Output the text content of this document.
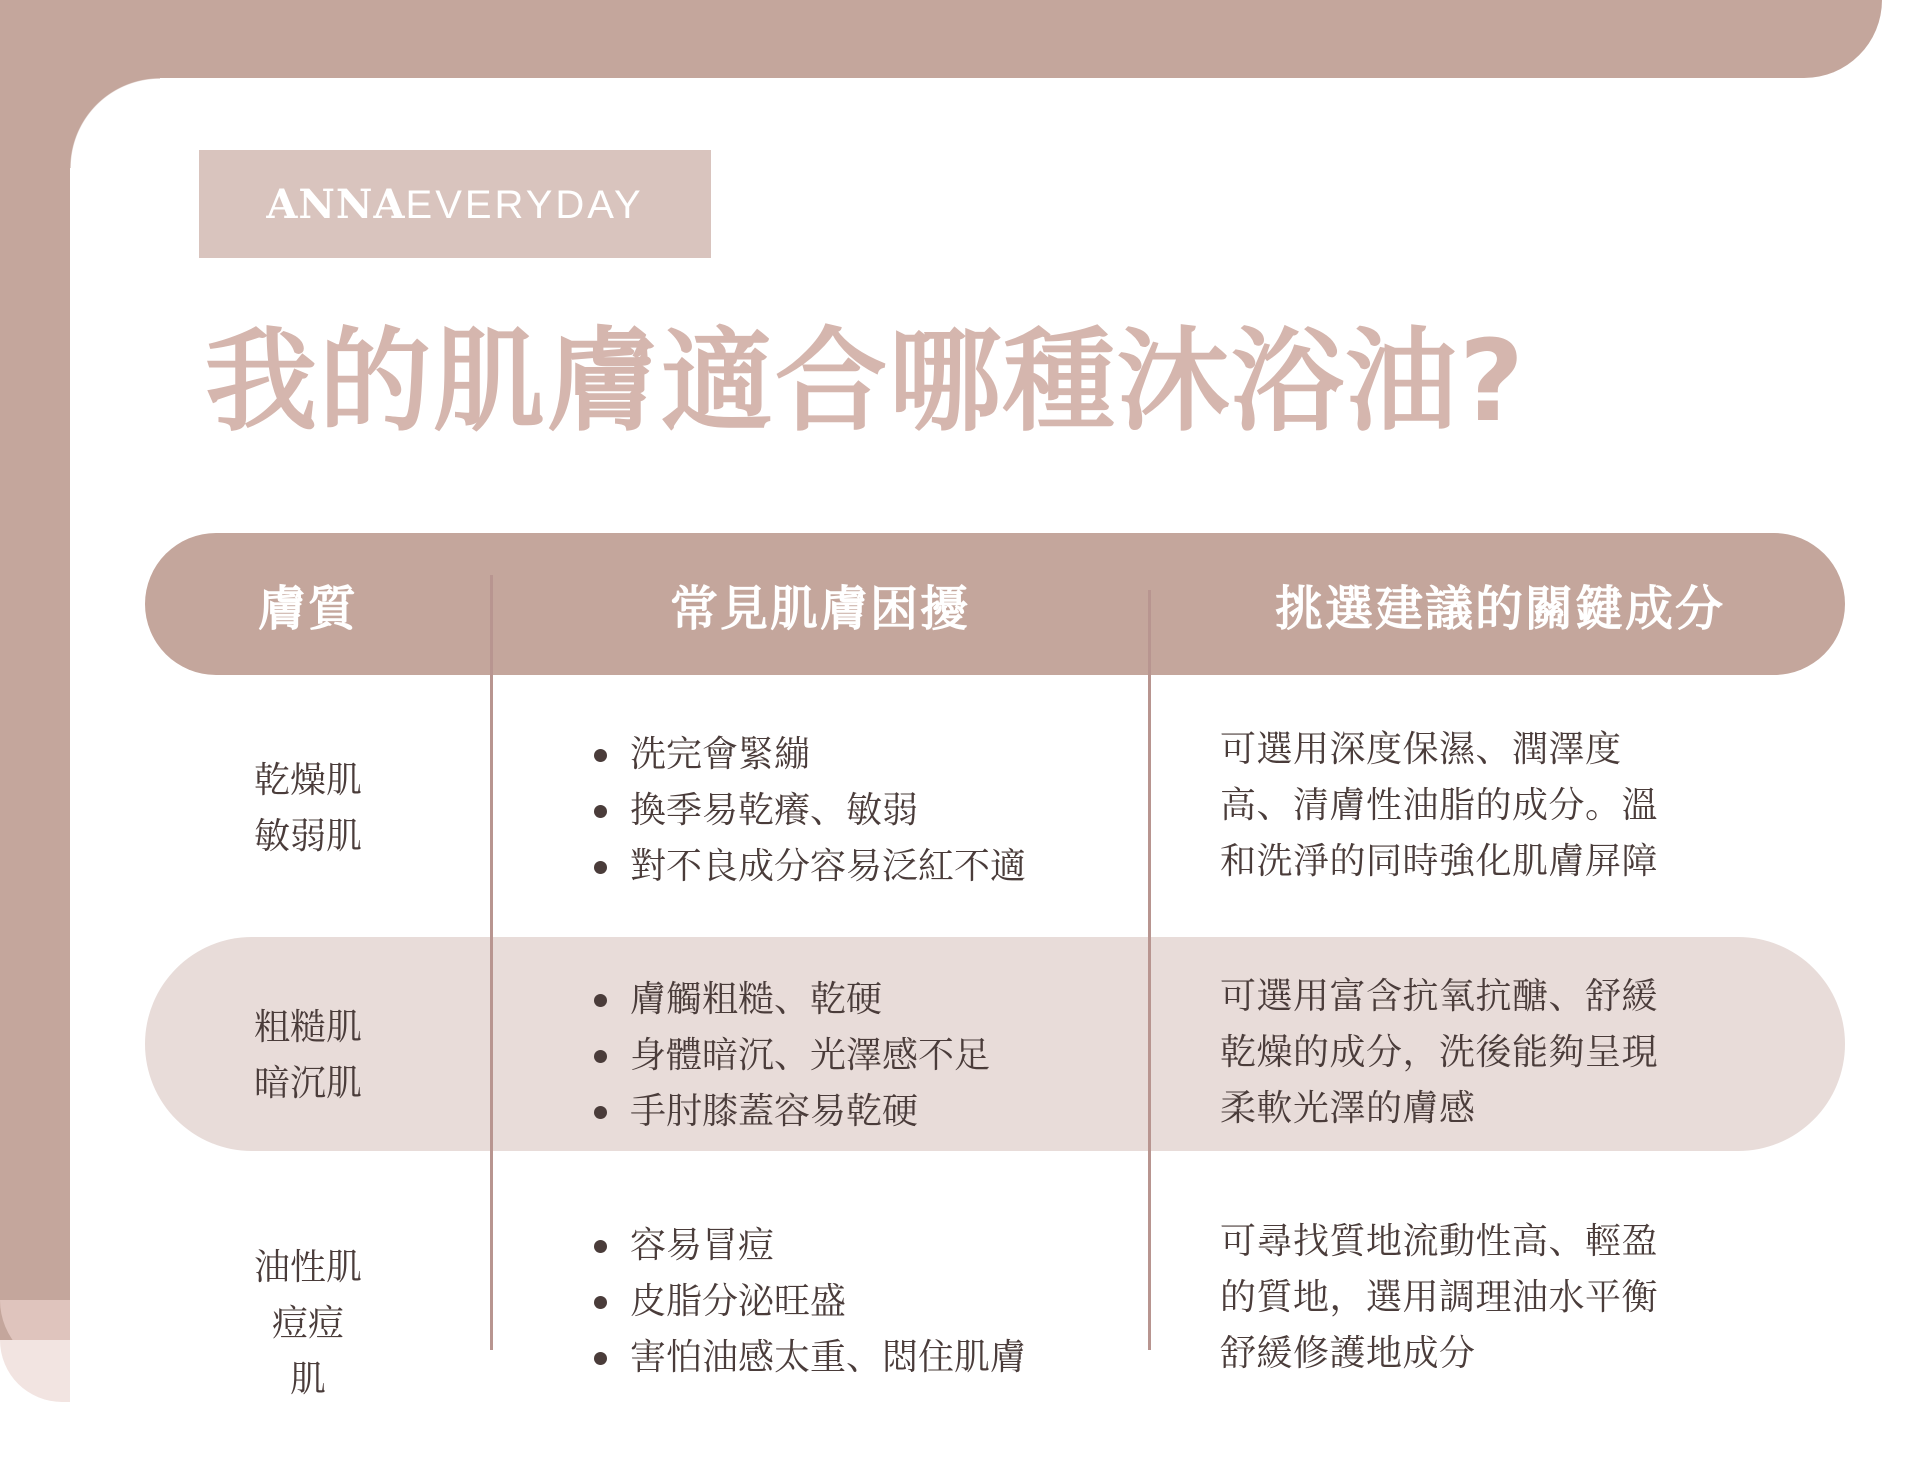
ANNA EVERYDAY
我的肌膚適合哪種沐浴油?
膚質	常見肌膚困擾	挑選建議的關鍵成分
乾燥肌
敏弱肌
洗完會緊繃
換季易乾癢、敏弱
對不良成分容易泛紅不適
可選用深度保濕、潤澤度
高、清膚性油脂的成分。溫
和洗淨的同時強化肌膚屏障
粗糙肌
暗沉肌
膚觸粗糙、乾硬
身體暗沉、光澤感不足
手肘膝蓋容易乾硬
可選用富含抗氧抗醣、舒緩
乾燥的成分，洗後能夠呈現
柔軟光澤的膚感
油性肌
痘痘
肌
容易冒痘
皮脂分泌旺盛
害怕油感太重、悶住肌膚
可尋找質地流動性高、輕盈
的質地，選用調理油水平衡
舒緩修護地成分
